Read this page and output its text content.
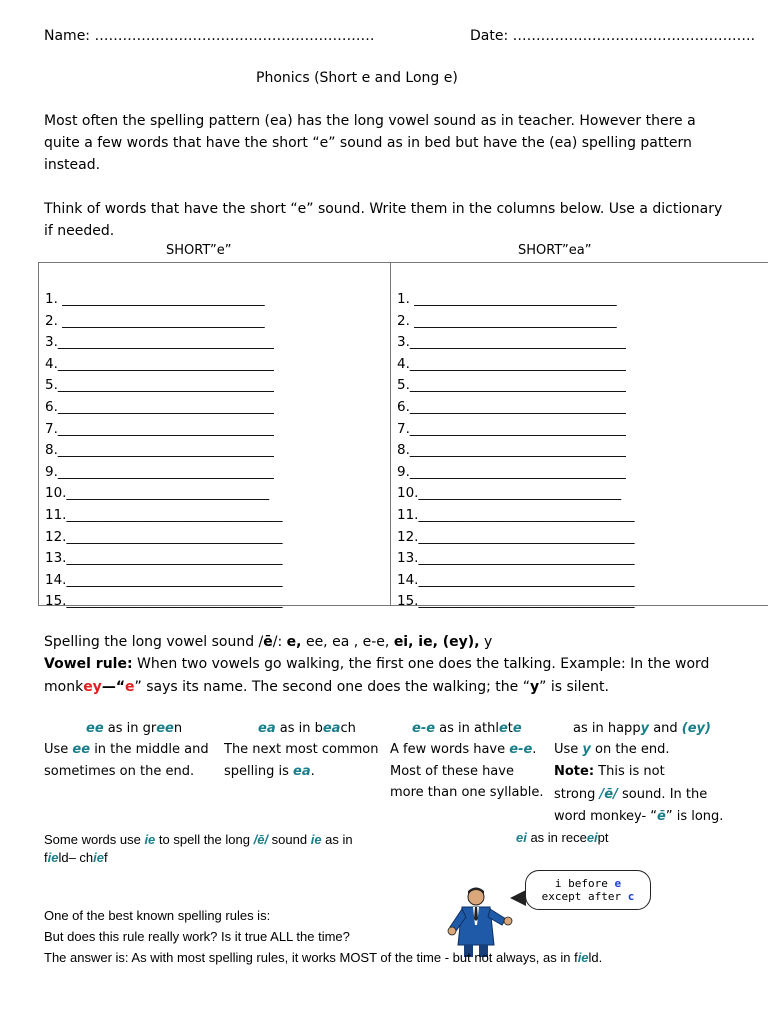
Name: ……………………………………………………	Date: …………………………………………….
Phonics (Short e and Long e)
Most often the spelling pattern (ea) has the long vowel sound as in teacher. However there a quite a few words that have the short “e” sound as in bed but have the (ea) spelling pattern instead.
Think of words that have the short “e” sound. Write them in the columns below. Use a dictionary if needed.
SHORT”e”	SHORT”ea”
1. ______________________________
2. ______________________________
3.________________________________
4.________________________________
5.________________________________
6.________________________________
7.________________________________
8.________________________________
9.________________________________
10.______________________________
11.________________________________
12.________________________________
13.________________________________
14.________________________________
15.________________________________
1. ______________________________
2. ______________________________
3.________________________________
4.________________________________
5.________________________________
6.________________________________
7.________________________________
8.________________________________
9.________________________________
10.______________________________
11.________________________________
12.________________________________
13.________________________________
14.________________________________
15.________________________________
Spelling the long vowel sound /ē/: e, ee, ea , e-e, ei, ie, (ey), y
Vowel rule: When two vowels go walking, the first one does the talking. Example: In the word
monkey—“e” says its name. The second one does the walking; the “y” is silent.
ee as in green
Use ee in the middle and
sometimes on the end.
ea as in beach
The next most common
spelling is ea.
e-e as in athlete
A few words have e-e.
Most of these have
more than one syllable.
as in happy and (ey)
Use y on the end.
Note: This is not
strong /ē/ sound. In the
word monkey- “ē” is long.
Some words use ie to spell the long /ē/ sound ie as in
field– chief
ei as in receeipt
i before e
except after c
One of the best known spelling rules is:
But does this rule really work? Is it true ALL the time?
The answer is: As with most spelling rules, it works MOST of the time - but not always, as in field.
